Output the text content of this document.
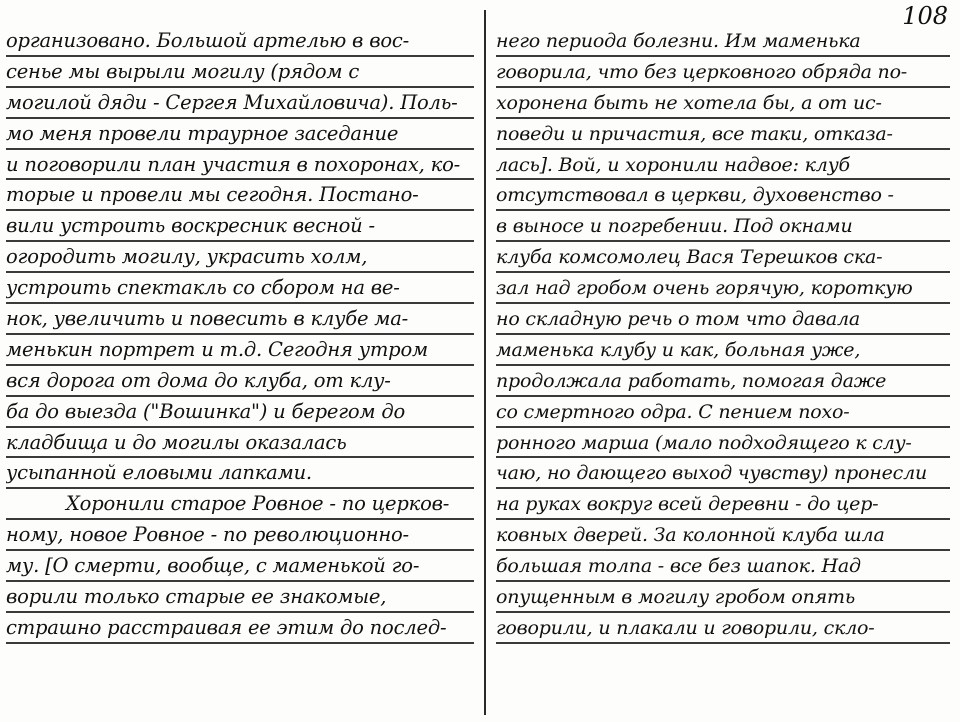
108
организовано. Большой артелью в вос-
сенье мы вырыли могилу (рядом с
могилой дяди - Сергея Михайловича). Поль-
мо меня провели траурное заседание
и поговорили план участия в похоронах, ко-
торые и провели мы сегодня. Постано-
вили устроить воскресник весной -
огородить могилу, украсить холм,
устроить спектакль со сбором на ве-
нок, увеличить и повесить в клубе ма-
менькин портрет и т.д. Сегодня утром
вся дорога от дома до клуба, от клу-
ба до выезда ("Вошинка") и берегом до
кладбища и до могилы оказалась
усыпанной еловыми лапками.
Хоронили старое Ровное - по церков-
ному, новое Ровное - по революционно-
му. [О смерти, вообще, с маменькой го-
ворили только старые ее знакомые,
страшно расстраивая ее этим до послед-
него периода болезни. Им маменька
говорила, что без церковного обряда по-
хоронена быть не хотела бы, а от ис-
поведи и причастия, все таки, отказа-
лась]. Вой, и хоронили надвое: клуб
отсутствовал в церкви, духовенство -
в выносе и погребении. Под окнами
клуба комсомолец Вася Терешков ска-
зал над гробом очень горячую, короткую
но складную речь о том что давала
маменька клубу и как, больная уже,
продолжала работать, помогая даже
со смертного одра. С пением похо-
ронного марша (мало подходящего к слу-
чаю, но дающего выход чувству) пронесли
на руках вокруг всей деревни - до цер-
ковных дверей. За колонной клуба шла
большая толпа - все без шапок. Над
опущенным в могилу гробом опять
говорили, и плакали и говорили, скло-
